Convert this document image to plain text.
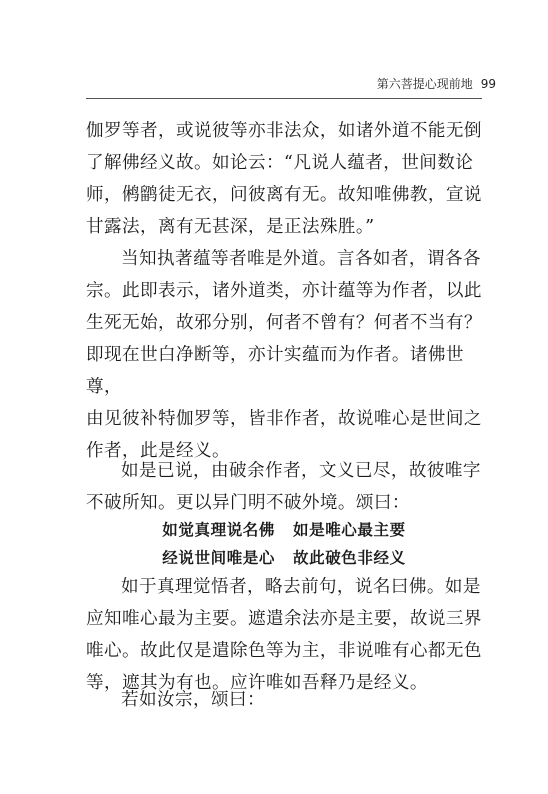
第六菩提心现前地 99
伽罗等者，或说彼等亦非法众，如诸外道不能无倒
了解佛经义故。如论云：“凡说人蕴者，世间数论
师，鸺鹠徒无衣，问彼离有无。故知唯佛教，宣说
甘露法，离有无甚深，是正法殊胜。”
当知执著蕴等者唯是外道。言各如者，谓各各
宗。此即表示，诸外道类，亦计蕴等为作者，以此
生死无始，故邪分别，何者不曾有？何者不当有？
即现在世白净断等，亦计实蕴而为作者。诸佛世尊，
由见彼补特伽罗等，皆非作者，故说唯心是世间之
作者，此是经义。
如是已说，由破余作者，文义已尽，故彼唯字
不破所知。更以异门明不破外境。颂曰：
如觉真理说名佛 如是唯心最主要
经说世间唯是心 故此破色非经义
如于真理觉悟者，略去前句，说名曰佛。如是
应知唯心最为主要。遮遣余法亦是主要，故说三界
唯心。故此仅是遣除色等为主，非说唯有心都无色
等，遮其为有也。应许唯如吾释乃是经义。
若如汝宗，颂曰：
